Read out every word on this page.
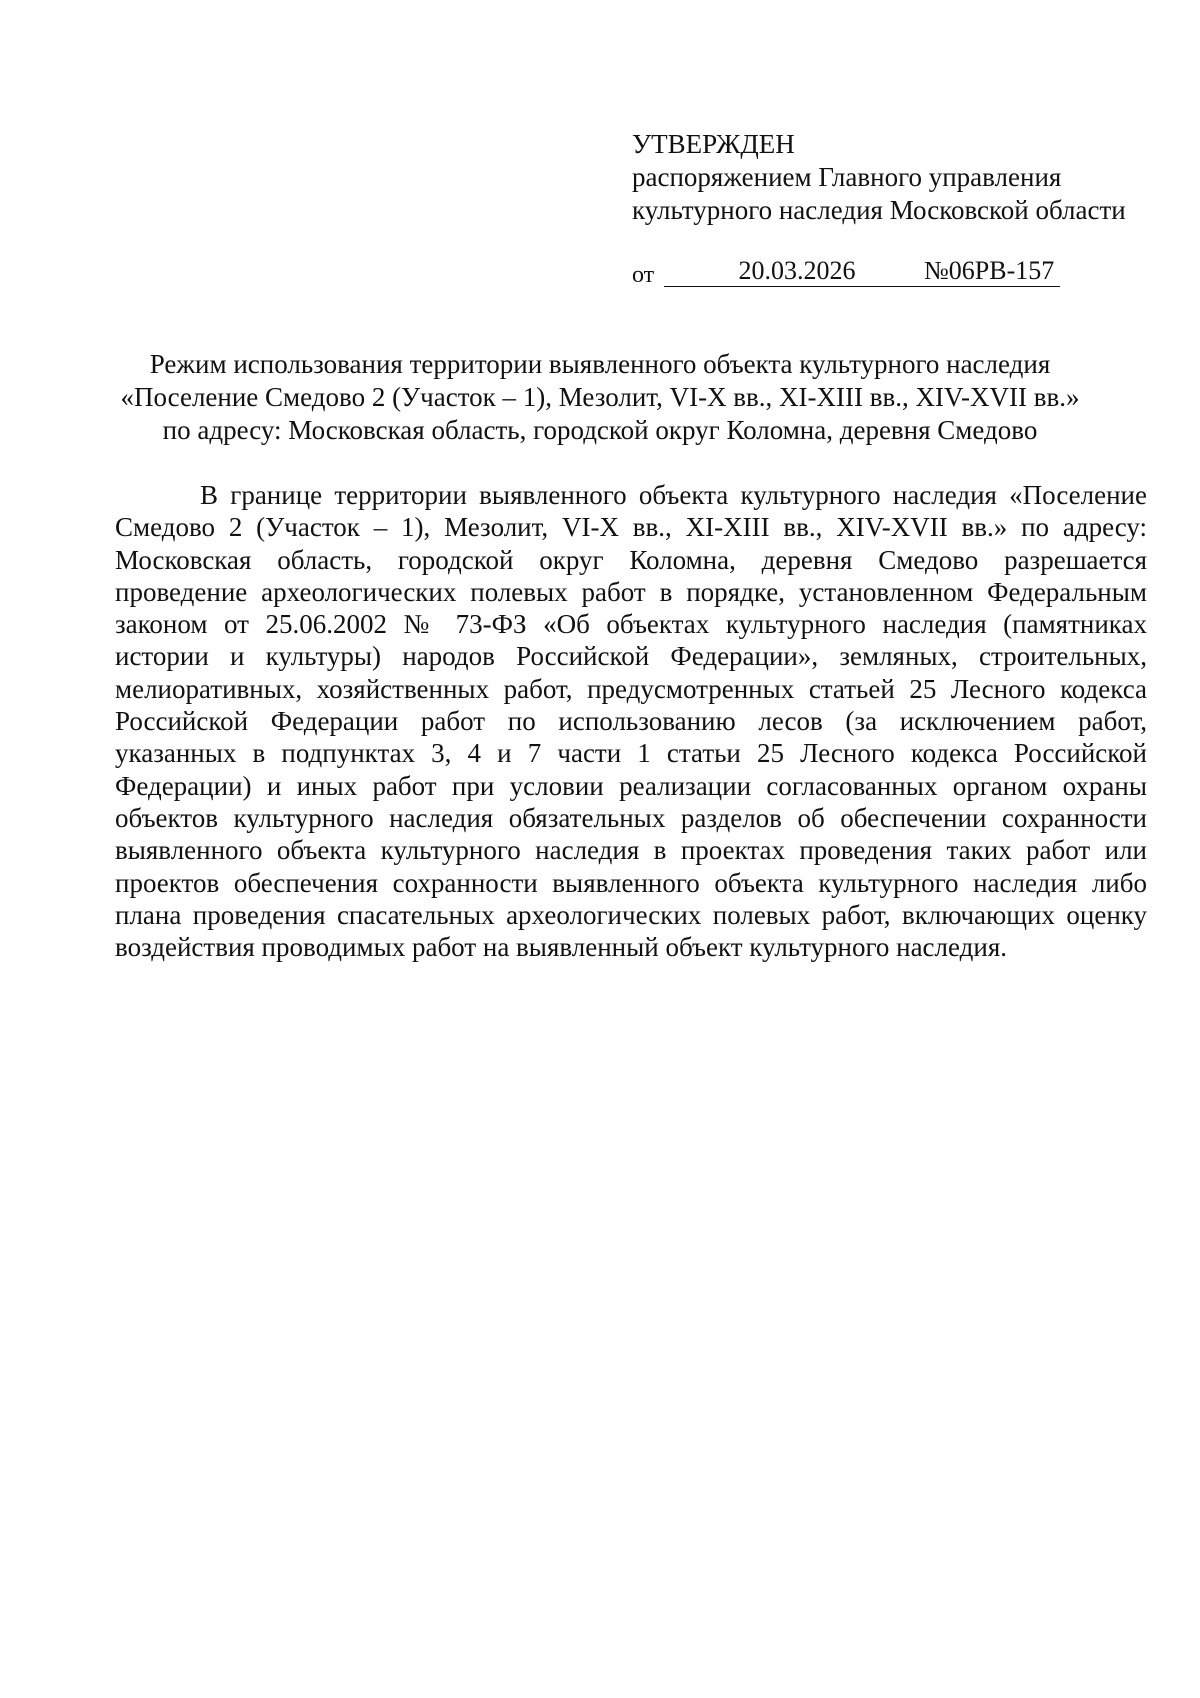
УТВЕРЖДЕН
распоряжением Главного управления
культурного наследия Московской области
от	20.03.2026	№06РВ-157
Режим использования территории выявленного объекта культурного наследия
«Поселение Смедово 2 (Участок – 1), Мезолит, VI-X вв., XI-XIII вв., XIV-XVII вв.»
по адресу: Московская область, городской округ Коломна, деревня Смедово

В границе территории выявленного объекта культурного наследия «Поселение Смедово 2 (Участок – 1), Мезолит, VI-X вв., XI-XIII вв., XIV-XVII вв.» по адресу: Московская область, городской округ Коломна, деревня Смедово разрешается проведение археологических полевых работ в порядке, установленном Федеральным законом от 25.06.2002 № 73-ФЗ «Об объектах культурного наследия (памятниках истории и культуры) народов Российской Федерации», земляных, строительных, мелиоративных, хозяйственных работ, предусмотренных статьей 25 Лесного кодекса Российской Федерации работ по использованию лесов (за исключением работ, указанных в подпунктах 3, 4 и 7 части 1 статьи 25 Лесного кодекса Российской Федерации) и иных работ при условии реализации согласованных органом охраны объектов культурного наследия обязательных разделов об обеспечении сохранности выявленного объекта культурного наследия в проектах проведения таких работ или проектов обеспечения сохранности выявленного объекта культурного наследия либо плана проведения спасательных археологических полевых работ, включающих оценку воздействия проводимых работ на выявленный объект культурного наследия.
